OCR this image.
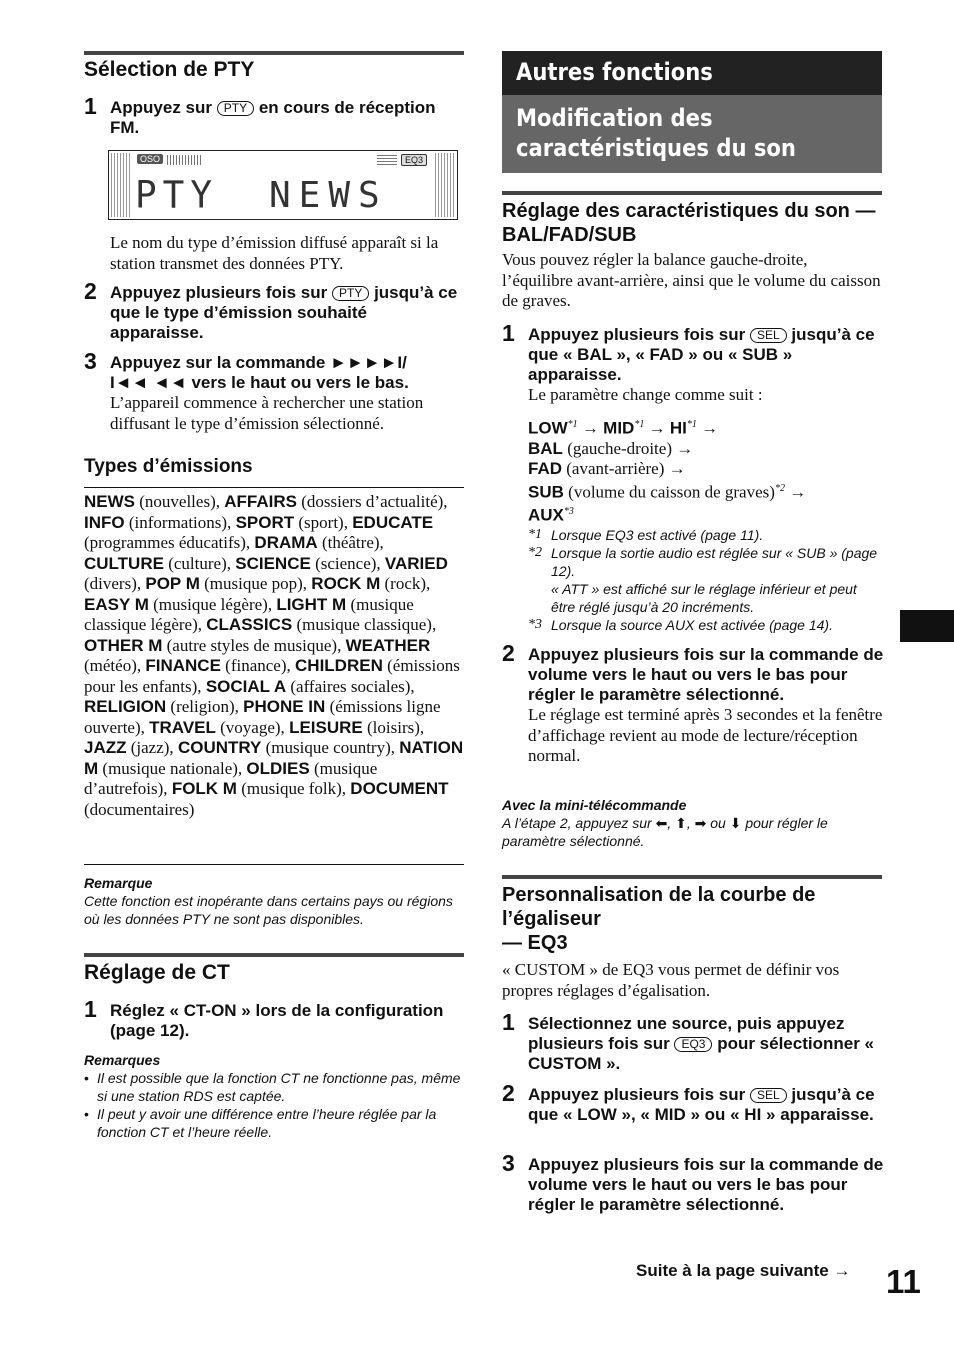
Sélection de PTY
1 Appuyez sur PTY en cours de réception FM.
OSO	EQ3
PTY NEWS
Le nom du type d’émission diffusé apparaît si la station transmet des données PTY.
2 Appuyez plusieurs fois sur PTY jusqu’à ce que le type d’émission souhaité apparaisse.
3 Appuyez sur la commande ►►►►I/
I◄◄ ◄◄ vers le haut ou vers le bas.
L’appareil commence à rechercher une station diffusant le type d’émission sélectionné.
Types d’émissions
NEWS (nouvelles), AFFAIRS (dossiers d’actualité), INFO (informations), SPORT (sport), EDUCATE (programmes éducatifs), DRAMA (théâtre), CULTURE (culture), SCIENCE (science), VARIED (divers), POP M (musique pop), ROCK M (rock), EASY M (musique légère), LIGHT M (musique classique légère), CLASSICS (musique classique), OTHER M (autre styles de musique), WEATHER (météo), FINANCE (finance), CHILDREN (émissions pour les enfants), SOCIAL A (affaires sociales), RELIGION (religion), PHONE IN (émissions ligne ouverte), TRAVEL (voyage), LEISURE (loisirs), JAZZ (jazz), COUNTRY (musique country), NATION M (musique nationale), OLDIES (musique d’autrefois), FOLK M (musique folk), DOCUMENT (documentaires)
Remarque
Cette fonction est inopérante dans certains pays ou régions où les données PTY ne sont pas disponibles.
Réglage de CT
1 Réglez « CT-ON » lors de la configuration (page 12).
Remarques
• Il est possible que la fonction CT ne fonctionne pas, même si une station RDS est captée.
• Il peut y avoir une différence entre l’heure réglée par la fonction CT et l’heure réelle.
Autres fonctions
Modification des caractéristiques du son
Réglage des caractéristiques du son — BAL/FAD/SUB
Vous pouvez régler la balance gauche-droite, l’équilibre avant-arrière, ainsi que le volume du caisson de graves.
1 Appuyez plusieurs fois sur SEL jusqu’à ce que « BAL », « FAD » ou « SUB » apparaisse.
Le paramètre change comme suit :
$LOW^{*1} \to MID^{*1} \to HI^{*1}$ →
BAL (gauche-droite) →
FAD (avant-arrière) →
SUB (volume du caisson de graves)$^{*2}$ →
$AUX^{*3}$
*1 Lorsque EQ3 est activé (page 11).
*2 Lorsque la sortie audio est réglée sur « SUB » (page 12).
« ATT » est affiché sur le réglage inférieur et peut être réglé jusqu’à 20 incréments.
*3 Lorsque la source AUX est activée (page 14).
2 Appuyez plusieurs fois sur la commande de volume vers le haut ou vers le bas pour régler le paramètre sélectionné.
Le réglage est terminé après 3 secondes et la fenêtre d’affichage revient au mode de lecture/réception normal.
Avec la mini-télécommande
A l’étape 2, appuyez sur ⬅, ⬆, ➡ ou ⬇ pour régler le paramètre sélectionné.
Personnalisation de la courbe de l’égaliseur
— EQ3
« CUSTOM » de EQ3 vous permet de définir vos propres réglages d’égalisation.
1 Sélectionnez une source, puis appuyez plusieurs fois sur EQ3 pour sélectionner « CUSTOM ».
2 Appuyez plusieurs fois sur SEL jusqu’à ce que « LOW », « MID » ou « HI » apparaisse.
3 Appuyez plusieurs fois sur la commande de volume vers le haut ou vers le bas pour régler le paramètre sélectionné.
Suite à la page suivante → 11
